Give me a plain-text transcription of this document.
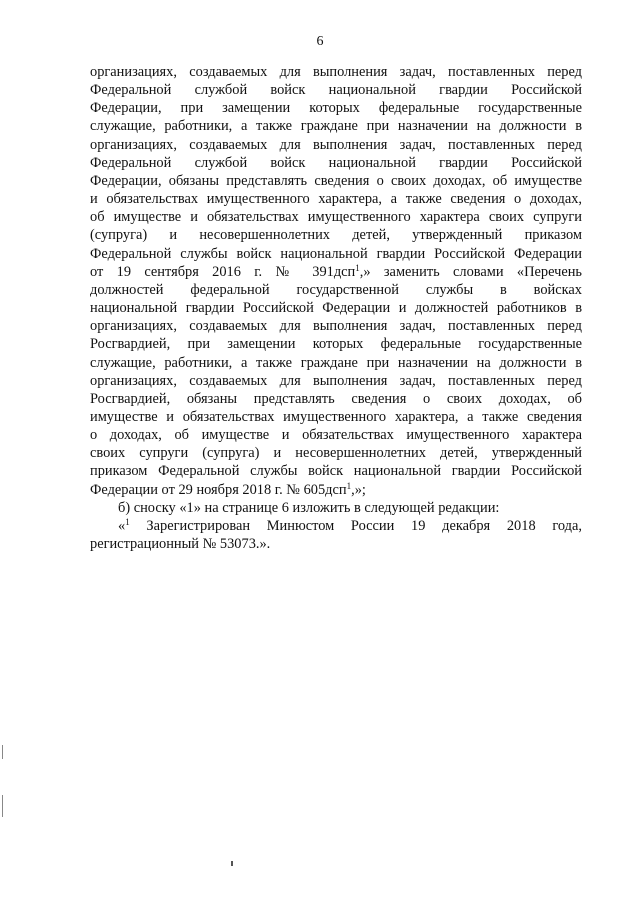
6

организациях, создаваемых для выполнения задач, поставленных перед
Федеральной службой войск национальной гвардии Российской
Федерации, при замещении которых федеральные государственные
служащие, работники, а также граждане при назначении на должности в
организациях, создаваемых для выполнения задач, поставленных перед
Федеральной службой войск национальной гвардии Российской
Федерации, обязаны представлять сведения о своих доходах, об имуществе
и обязательствах имущественного характера, а также сведения о доходах,
об имуществе и обязательствах имущественного характера своих супруги
(супруга) и несовершеннолетних детей, утвержденный приказом
Федеральной службы войск национальной гвардии Российской Федерации
от 19 сентября 2016 г. № 391дсп$^1$,» заменить словами «Перечень
должностей федеральной государственной службы в войсках
национальной гвардии Российской Федерации и должностей работников в
организациях, создаваемых для выполнения задач, поставленных перед
Росгвардией, при замещении которых федеральные государственные
служащие, работники, а также граждане при назначении на должности в
организациях, создаваемых для выполнения задач, поставленных перед
Росгвардией, обязаны представлять сведения о своих доходах, об
имуществе и обязательствах имущественного характера, а также сведения
о доходах, об имуществе и обязательствах имущественного характера
своих супруги (супруга) и несовершеннолетних детей, утвержденный
приказом Федеральной службы войск национальной гвардии Российской
Федерации от 29 ноября 2018 г. № 605дсп$^1$,»;

б) сноску «1» на странице 6 изложить в следующей редакции:

«$^1$ Зарегистрирован Минюстом России 19 декабря 2018 года,
регистрационный № 53073.».
